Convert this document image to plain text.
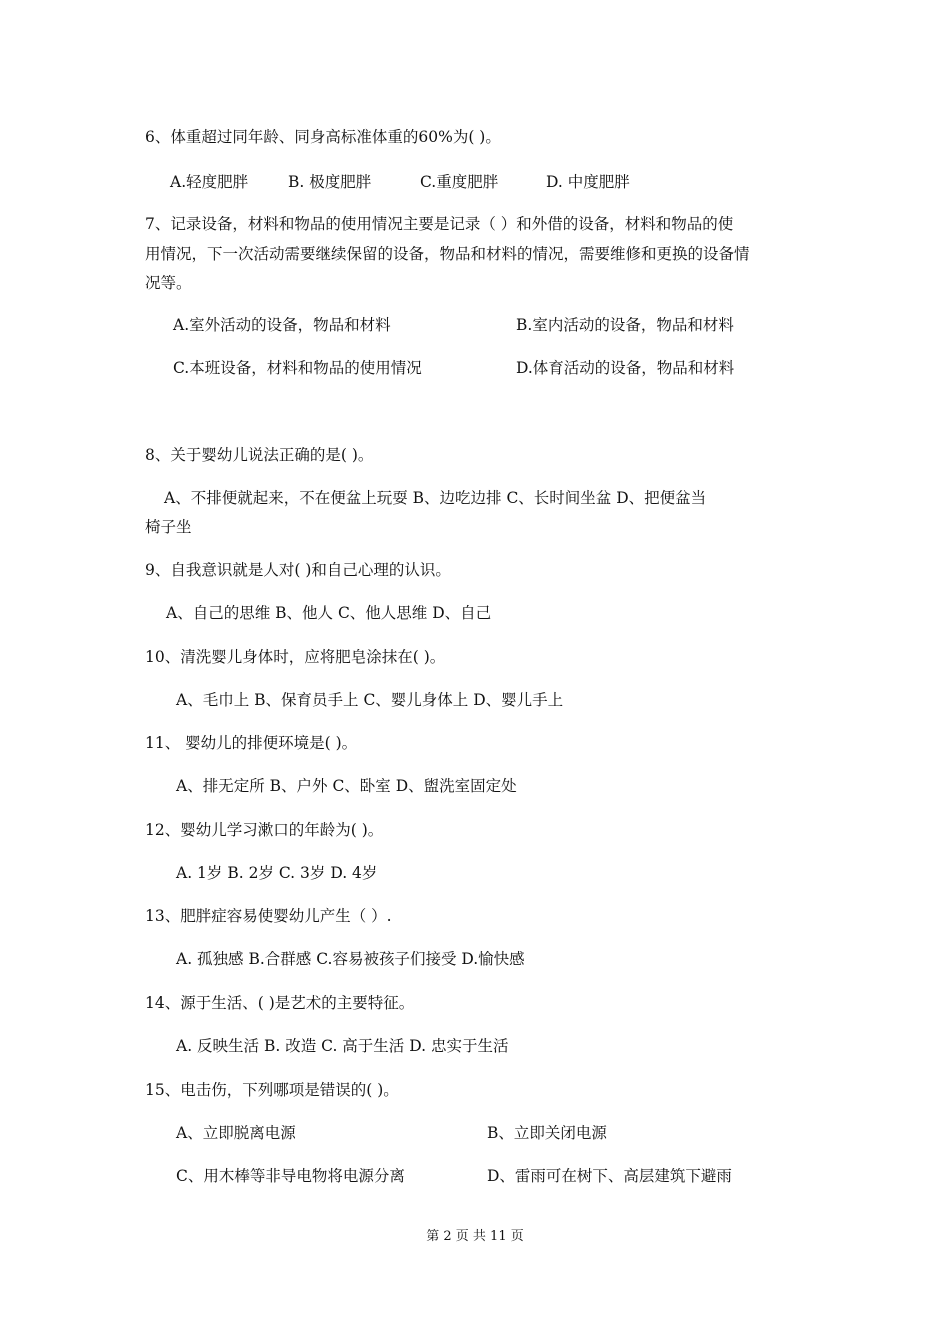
6、体重超过同年龄、同身高标准体重的60%为( )。
A.轻度肥胖	B. 极度肥胖	C.重度肥胖	D. 中度肥胖
7、记录设备，材料和物品的使用情况主要是记录（ ）和外借的设备，材料和物品的使
用情况，下一次活动需要继续保留的设备，物品和材料的情况，需要维修和更换的设备情
况等。
A.室外活动的设备，物品和材料	B.室内活动的设备，物品和材料
C.本班设备，材料和物品的使用情况	D.体育活动的设备，物品和材料
8、关于婴幼儿说法正确的是( )。
A、不排便就起来，不在便盆上玩耍 B、边吃边排 C、长时间坐盆 D、把便盆当
椅子坐
9、自我意识就是人对( )和自己心理的认识。
A、自己的思维 B、他人 C、他人思维 D、自己
10、清洗婴儿身体时，应将肥皂涂抹在( )。
A、毛巾上 B、保育员手上 C、婴儿身体上 D、婴儿手上
11、 婴幼儿的排便环境是( )。
A、排无定所 B、户外 C、卧室 D、盥洗室固定处
12、婴幼儿学习漱口的年龄为( )。
A. 1岁 B. 2岁 C. 3岁 D. 4岁
13、肥胖症容易使婴幼儿产生（ ）.
A. 孤独感 B.合群感 C.容易被孩子们接受 D.愉快感
14、源于生活、( )是艺术的主要特征。
A. 反映生活 B. 改造 C. 高于生活 D. 忠实于生活
15、电击伤，下列哪项是错误的( )。
A、立即脱离电源	B、立即关闭电源
C、用木棒等非导电物将电源分离	D、雷雨可在树下、高层建筑下避雨
第 2 页 共 11 页
